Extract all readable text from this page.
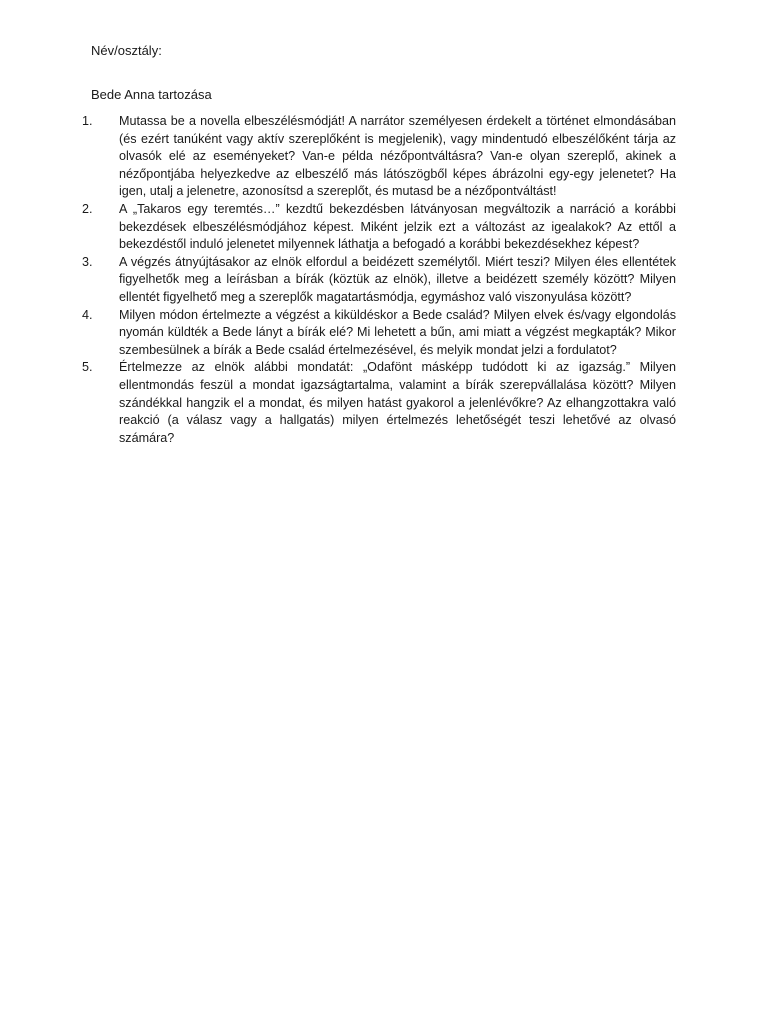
Név/osztály:
Bede Anna tartozása
1. Mutassa be a novella elbeszélésmódját! A narrátor személyesen érdekelt a történet elmondásában (és ezért tanúként vagy aktív szereplőként is megjelenik), vagy mindentudó elbeszélőként tárja az olvasók elé az eseményeket? Van-e példa nézőpontváltásra? Van-e olyan szereplő, akinek a nézőpontjába helyezkedve az elbeszélő más látószögből képes ábrázolni egy-egy jelenetet? Ha igen, utalj a jelenetre, azonosítsd a szereplőt, és mutasd be a nézőpontváltást!
2. A „Takaros egy teremtés…” kezdtű bekezdésben látványosan megváltozik a narráció a korábbi bekezdések elbeszélésmódjához képest. Miként jelzik ezt a változást az igealakok? Az ettől a bekezdéstől induló jelenetet milyennek láthatja a befogadó a korábbi bekezdésekhez képest?
3. A végzés átnyújtásakor az elnök elfordul a beidézett személytől. Miért teszi? Milyen éles ellentétek figyelhetők meg a leírásban a bírák (köztük az elnök), illetve a beidézett személy között? Milyen ellentét figyelhető meg a szereplők magatartásmódja, egymáshoz való viszonyulása között?
4. Milyen módon értelmezte a végzést a kiküldéskor a Bede család? Milyen elvek és/vagy elgondolás nyomán küldték a Bede lányt a bírák elé? Mi lehetett a bűn, ami miatt a végzést megkapták? Mikor szembesülnek a bírák a Bede család értelmezésével, és melyik mondat jelzi a fordulatot?
5. Értelmezze az elnök alábbi mondatát: „Odafönt másképp tudódott ki az igazság.” Milyen ellentmondás feszül a mondat igazságtartalma, valamint a bírák szerepvállalása között? Milyen szándékkal hangzik el a mondat, és milyen hatást gyakorol a jelenlévőkre? Az elhangzottakra való reakció (a válasz vagy a hallgatás) milyen értelmezés lehetőségét teszi lehetővé az olvasó számára?
